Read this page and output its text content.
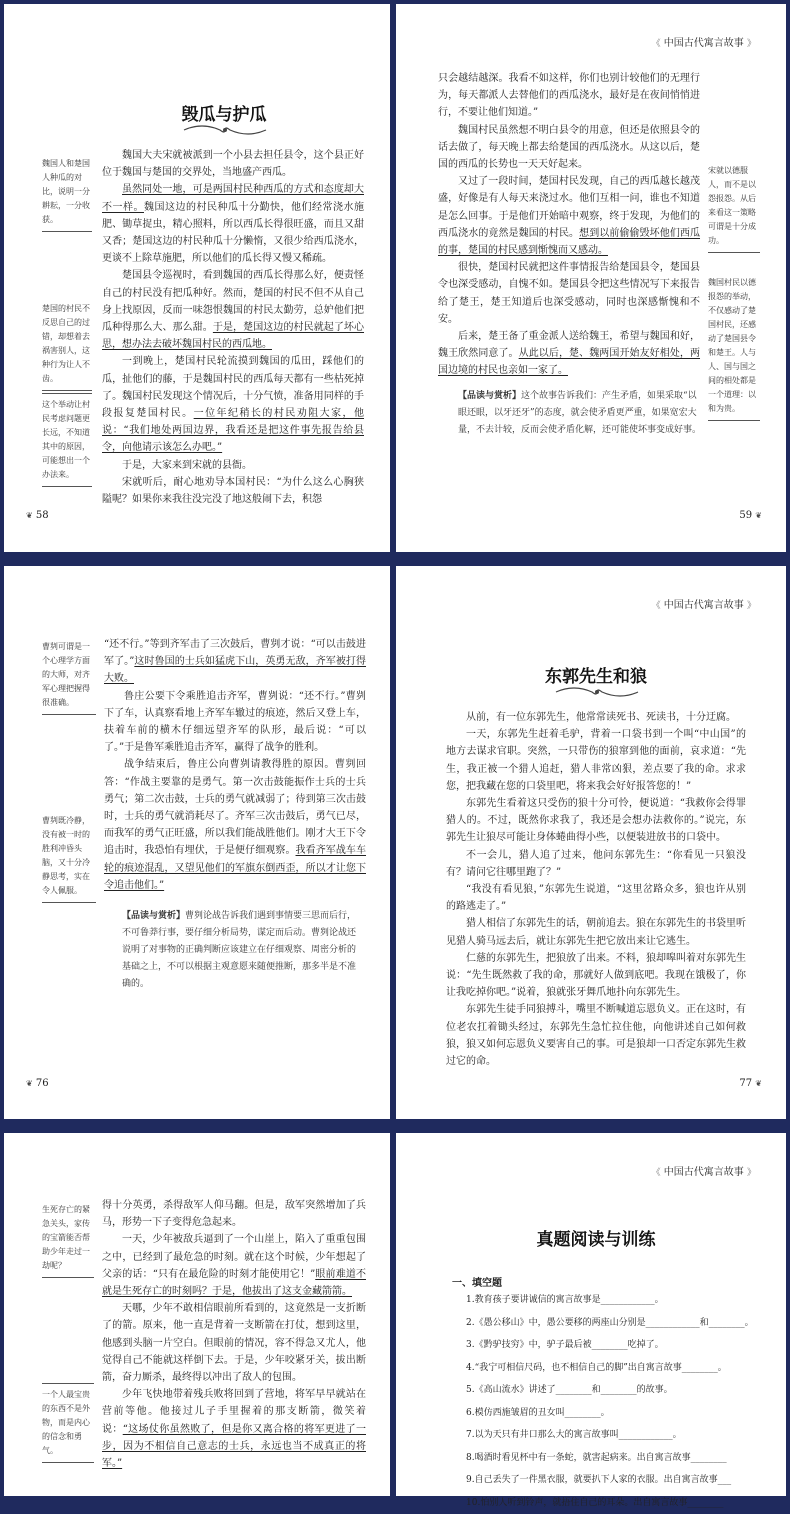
毁瓜与护瓜
魏国人和楚国人种瓜的对比，说明一分耕耘，一分收获。
楚国的村民不反思自己的过错，却想着去祸害别人，这种行为让人不齿。
这个举动让村民考虑问题更长远，不知道其中的原因，可能想出一个办法来。

魏国大夫宋就被派到一个小县去担任县令，这个县正好位于魏国与楚国的交界处，当地盛产西瓜。

虽然同处一地，可是两国村民种西瓜的方式和态度却大不一样。魏国这边的村民种瓜十分勤快，他们经常浇水施肥、锄草捉虫，精心照料，所以西瓜长得很旺盛，而且又甜又香；楚国这边的村民种瓜十分懒惰，又很少给西瓜浇水，更谈不上除草施肥，所以他们的瓜长得又慢又稀疏。

楚国县令巡视时，看到魏国的西瓜长得那么好，便责怪自己的村民没有把瓜种好。然而，楚国的村民不但不从自己身上找原因，反而一味怨恨魏国的村民太勤劳，总妒他们把瓜种得那么大、那么甜。于是，楚国这边的村民就起了坏心思，想办法去破坏魏国村民的西瓜地。

一到晚上，楚国村民轮流摸到魏国的瓜田，踩他们的瓜，扯他们的藤，于是魏国村民的西瓜每天都有一些枯死掉了。魏国村民发现这个情况后，十分气愤，准备用同样的手段报复楚国村民。一位年纪稍长的村民劝阻大家，他说：“我们地处两国边界，我看还是把这件事先报告给县令，向他请示该怎么办吧。”

于是，大家来到宋就的县衙。

宋就听后，耐心地劝导本国村民：“为什么这么心胸狭隘呢？如果你来我往没完没了地这般闹下去，积怨

❦ 58
《 中国古代寓言故事 》

只会越结越深。我看不如这样，你们也别计较他们的无理行为，每天都派人去替他们的西瓜浇水，最好是在夜间悄悄进行，不要让他们知道。”

魏国村民虽然想不明白县令的用意，但还是依照县令的话去做了，每天晚上都去给楚国的西瓜浇水。从这以后，楚国的西瓜的长势也一天天好起来。

又过了一段时间，楚国村民发现，自己的西瓜越长越茂盛，好像是有人每天来浇过水。他们互相一问，谁也不知道是怎么回事。于是他们开始暗中观察，终于发现，为他们的西瓜浇水的竟然是魏国的村民。想到以前偷偷毁坏他们西瓜的事，楚国的村民感到惭愧而又感动。

很快，楚国村民就把这件事情报告给楚国县令，楚国县令也深受感动，自愧不如。楚国县令把这些情况写下来报告给了楚王，楚王知道后也深受感动，同时也深感惭愧和不安。

后来，楚王备了重金派人送给魏王，希望与魏国和好，魏王欣然同意了。从此以后，楚、魏两国开始友好相处，两国边境的村民也亲如一家了。

宋就以德服人，而不是以怨报怨。从后来看这一策略可谓是十分成功。
魏国村民以德报怨的举动，不仅感动了楚国村民，还感动了楚国县令和楚王。人与人、国与国之间的相处都是一个道理：以和为贵。
【品读与赏析】这个故事告诉我们：产生矛盾，如果采取“以眼还眼，以牙还牙”的态度，就会使矛盾更严重，如果宽宏大量，不去计较，反而会使矛盾化解，还可能使坏事变成好事。
59 ❦
曹刿可谓是一个心理学方面的大师，对齐军心理把握得很准确。
曹刿既冷静，没有被一时的胜利冲昏头脑，又十分冷静思考，实在令人佩服。

“还不行。”等到齐军击了三次鼓后，曹刿才说：“可以击鼓进军了。”这时鲁国的士兵如猛虎下山，英勇无敌，齐军被打得大败。

鲁庄公要下令乘胜追击齐军，曹刿说：“还不行。”曹刿下了车，认真察看地上齐军车辙过的痕迹，然后又登上车，扶着车前的横木仔细远望齐军的队形，最后说：“可以了。”于是鲁军乘胜追击齐军，赢得了战争的胜利。

战争结束后，鲁庄公向曹刿请教得胜的原因。曹刿回答：“作战主要靠的是勇气。第一次击鼓能振作士兵的士兵勇气；第二次击鼓，士兵的勇气就减弱了；待到第三次击鼓时，士兵的勇气就消耗尽了。齐军三次击鼓后，勇气已尽，而我军的勇气正旺盛，所以我们能战胜他们。刚才大王下令追击时，我恐怕有埋伏，于是便仔细观察。我看齐军战车车轮的痕迹混乱，又望见他们的军旗东倒西歪，所以才让您下令追击他们。”

【品读与赏析】曹刿论战告诉我们遇到事情要三思而后行，不可鲁莽行事，要仔细分析局势，谋定而后动。曹刿论战还说明了对事物的正确判断应该建立在仔细观察、周密分析的基础之上，不可以根据主观意愿来随便推断，那多半是不准确的。
❦ 76
《 中国古代寓言故事 》
东郭先生和狼

从前，有一位东郭先生，他常常读死书、死读书，十分迂腐。

一天，东郭先生赶着毛驴，背着一口袋书到一个叫“中山国”的地方去谋求官职。突然，一只带伤的狼窜到他的面前，哀求道：“先生，我正被一个猎人追赶，猎人非常凶狠，差点要了我的命。求求您，把我藏在您的口袋里吧，将来我会好好报答您的！”

东郭先生看着这只受伤的狼十分可怜，便说道：“我救你会得罪猎人的。不过，既然你求我了，我还是会想办法救你的。”说完，东郭先生让狼尽可能让身体蜷曲得小些，以便装进放书的口袋中。

不一会儿，猎人追了过来，他问东郭先生：“你看见一只狼没有？请问它往哪里跑了？”

“我没有看见狼，”东郭先生说道，“这里岔路众多，狼也许从别的路逃走了。”

猎人相信了东郭先生的话，朝前追去。狼在东郭先生的书袋里听见猎人骑马远去后，就让东郭先生把它放出来让它逃生。

仁慈的东郭先生，把狼放了出来。不料，狼却嗥叫着对东郭先生说：“先生既然救了我的命，那就好人做到底吧。我现在饿极了，你让我吃掉你吧。”说着，狼就张牙舞爪地扑向东郭先生。

东郭先生徒手同狼搏斗，嘴里不断喊道忘恩负义。正在这时，有位老农扛着锄头经过，东郭先生急忙拉住他，向他讲述自己如何救狼，狼又如何忘恩负义要害自己的事。可是狼却一口否定东郭先生救过它的命。

77 ❦
生死存亡的紧急关头，家传的宝箭能否帮助少年走过一劫呢？
一个人最宝贵的东西不是外物，而是内心的信念和勇气。

得十分英勇，杀得敌军人仰马翻。但是，敌军突然增加了兵马，形势一下子变得危急起来。

一天，少年被敌兵逼到了一个山崖上，陷入了重重包围之中，已经到了最危急的时刻。就在这个时候，少年想起了父亲的话：“只有在最危险的时刻才能使用它！”眼前难道不就是生死存亡的时刻吗？于是，他拔出了这支金藏箭箭。

天哪，少年不敢相信眼前所看到的，这竟然是一支折断了的箭。原来，他一直是背着一支断箭在打仗，想到这里，他感到头脑一片空白。但眼前的情况，容不得急又尤人，他觉得自己不能就这样倒下去。于是，少年咬紧牙关，拔出断箭，奋力厮杀，最终得以冲出了敌人的包围。

少年飞快地带着残兵败将回到了营地，将军早早就站在营前等他。他接过儿子手里握着的那支断箭，微笑着说：“这场仗你虽然败了，但是你又离合格的将军更进了一步，因为不相信自己意志的士兵，永远也当不成真正的将军。”

《 中国古代寓言故事 》
真题阅读与训练
一、填空题
1.教育孩子要讲诚信的寓言故事是____________。
2.《愚公移山》中，愚公要移的两座山分别是____________和________。
3.《黔驴技穷》中，驴子最后被________吃掉了。
4.“我宁可相信尺码，也不相信自己的脚”出自寓言故事________。
5.《高山流水》讲述了________和________的故事。
6.模仿西施皱眉的丑女叫________。
7.以为天只有井口那么大的寓言故事叫____________。
8.喝酒时看见杯中有一条蛇，就害起病来。出自寓言故事________
9.自己丢失了一件黑衣服，就要扒下人家的衣服。出自寓言故事___
10.怕别人听到铃声，就捂住自己的耳朵。出自寓言故事________
